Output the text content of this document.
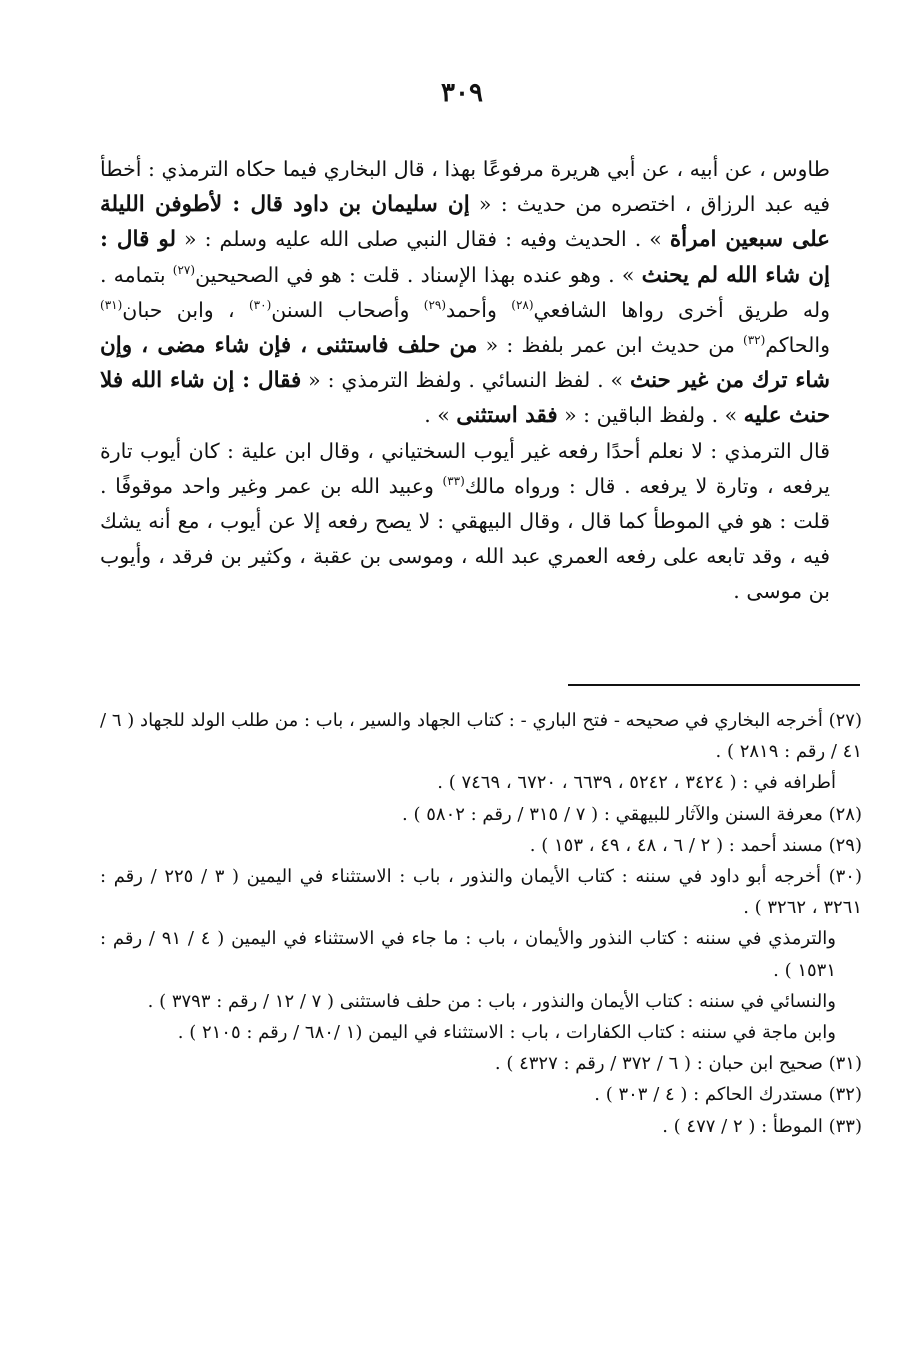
٣٠٩

طاوس ، عن أبيه ، عن أبي هريرة مرفوعًا بهذا ، قال البخاري فيما حكاه الترمذي : أخطأ فيه عبد الرزاق ، اختصره من حديث : « إن سليمان بن داود قال : لأطوفن الليلة على سبعين امرأة » . الحديث وفيه : فقال النبي صلى الله عليه وسلم : « لو قال : إن شاء الله لم يحنث » . وهو عنده بهذا الإسناد . قلت : هو في الصحيحين$^{(٢٧)}$ بتمامه . وله طريق أخرى رواها الشافعي$^{(٢٨)}$ وأحمد$^{(٢٩)}$ وأصحاب السنن$^{(٣٠)}$ ، وابن حبان$^{(٣١)}$ والحاكم$^{(٣٢)}$ من حديث ابن عمر بلفظ : « من حلف فاستثنى ، فإن شاء مضى ، وإن شاء ترك من غير حنث » . لفظ النسائي . ولفظ الترمذي : « فقال : إن شاء الله فلا حنث عليه » . ولفظ الباقين : « فقد استثنى » .

قال الترمذي : لا نعلم أحدًا رفعه غير أيوب السختياني ، وقال ابن علية : كان أيوب تارة يرفعه ، وتارة لا يرفعه . قال : ورواه مالك$^{(٣٣)}$ وعبيد الله بن عمر وغير واحد موقوفًا . قلت : هو في الموطأ كما قال ، وقال البيهقي : لا يصح رفعه إلا عن أيوب ، مع أنه يشك فيه ، وقد تابعه على رفعه العمري عبد الله ، وموسى بن عقبة ، وكثير بن فرقد ، وأيوب بن موسى .

(٢٧) أخرجه البخاري في صحيحه - فتح الباري - : كتاب الجهاد والسير ، باب : من طلب الولد للجهاد ( ٦ / ٤١ / رقم : ٢٨١٩ ) .

أطرافه في : ( ٣٤٢٤ ، ٥٢٤٢ ، ٦٦٣٩ ، ٦٧٢٠ ، ٧٤٦٩ ) .

(٢٨) معرفة السنن والآثار للبيهقي : ( ٧ / ٣١٥ / رقم : ٥٨٠٢ ) .

(٢٩) مسند أحمد : ( ٢ / ٦ ، ٤٨ ، ٤٩ ، ١٥٣ ) .

(٣٠) أخرجه أبو داود في سننه : كتاب الأيمان والنذور ، باب : الاستثناء في اليمين ( ٣ / ٢٢٥ / رقم : ٣٢٦١ ، ٣٢٦٢ ) .

والترمذي في سننه : كتاب النذور والأيمان ، باب : ما جاء في الاستثناء في اليمين ( ٤ / ٩١ / رقم : ١٥٣١ ) .

والنسائي في سننه : كتاب الأيمان والنذور ، باب : من حلف فاستثنى ( ٧ / ١٢ / رقم : ٣٧٩٣ ) .

وابن ماجة في سننه : كتاب الكفارات ، باب : الاستثناء في اليمن (١ /٦٨٠ / رقم : ٢١٠٥ ) .

(٣١) صحيح ابن حبان : ( ٦ / ٣٧٢ / رقم : ٤٣٢٧ ) .

(٣٢) مستدرك الحاكم : ( ٤ / ٣٠٣ ) .

(٣٣) الموطأ : ( ٢ / ٤٧٧ ) .
